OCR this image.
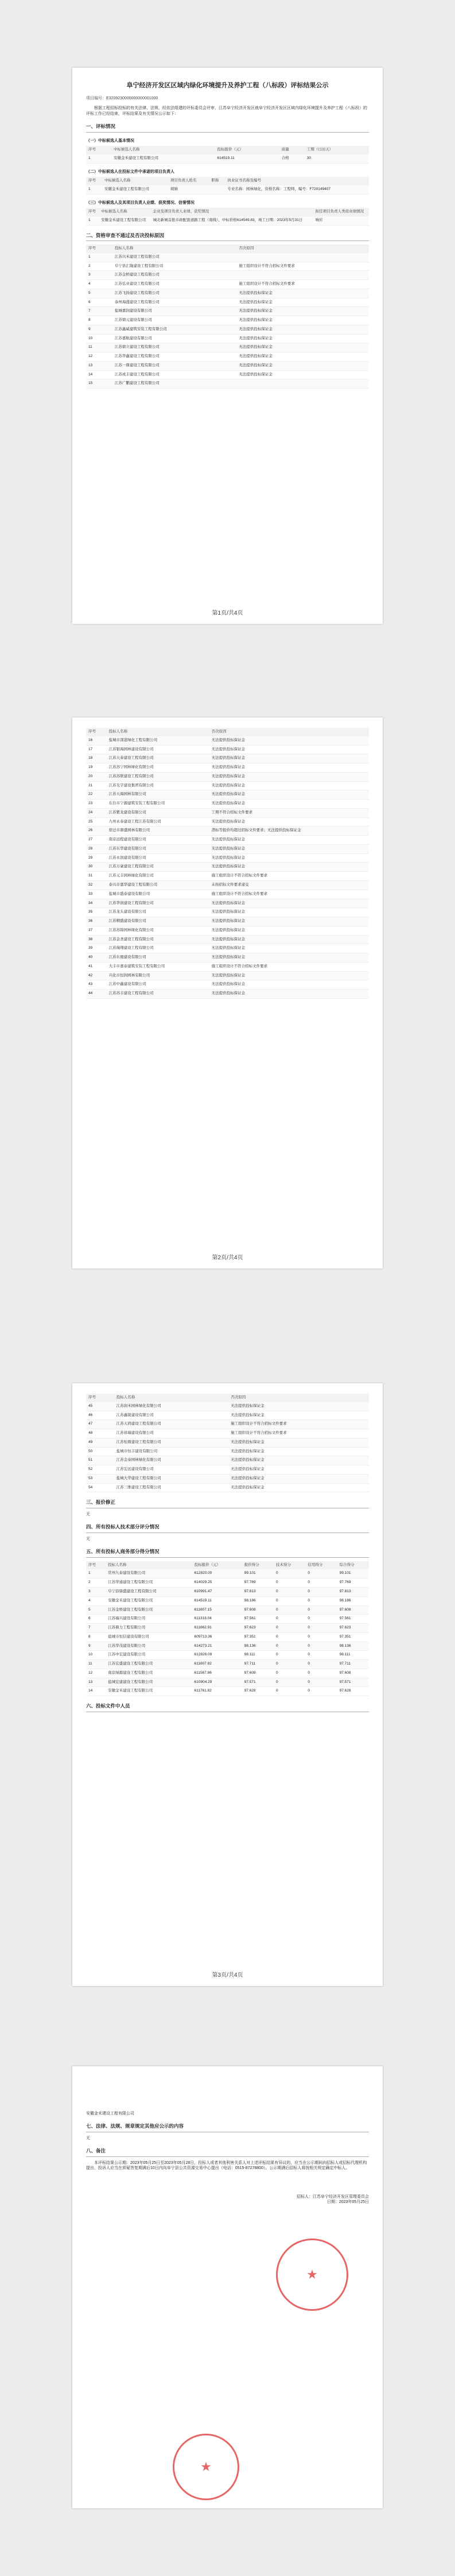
阜宁经济开发区区域内绿化环境提升及养护工程（八标段）评标结果公示
项目编号：E3209230000000000001000
根据工程招标投标的有关法律、法规，经依法组建的评标委员会评审，江苏阜宁经济开发区就阜宁经济开发区区域内绿化环境提升及养护工程（八标段）的评标工作已经结束，评标结果及有关情况公示如下：
一、评标情况
（一）中标候选人基本情况
序号	中标候选人名称	投标报价（元）	质量	工期（日历天）
1	安徽金禾建设工程有限公司	614519.11	合格	30
（二）中标候选人在投标文件中承诺的项目负责人
序号	中标候选人名称	项目负责人姓名	职称	执业证书名称及编号
1	安徽金禾建设工程有限公司	胡婧		专业名称：园林绿化，资格名称：工程师，编号：F720149407
（三）中标候选人及其项目负责人业绩、获奖情况、信誉情况
序号	中标候选人名称	企业及项目负责人业绩、获奖情况	拟任项目负责人类似业绩情况
1	安徽金禾建设工程有限公司	城北新城首批市政配套道路工程（南线）、中标价格614549.83，竣工日期：2023年5月31日	响应
二、资格审查不通过及否决投标原因
序号	投标人名称	否决原因
1	江苏兴禾建设工程有限公司	
2	阜宁县汇隆建设工程有限公司	施工组织设计不符合招标文件要求
3	江苏金桥建设工程有限公司	
4	江苏弘业建设工程有限公司	施工组织设计不符合招标文件要求
5	江苏飞扬建设工程有限公司	无法提供投标保证金
6	泰州海盛建设工程有限公司	无法提供投标保证金
7	盐城嘉润建设有限公司	无法提供投标保证金
8	江苏鼎元建设有限公司	无法提供投标保证金
9	江苏鑫威建筑安装工程有限公司	无法提供投标保证金
10	江苏嘉航建设有限公司	无法提供投标保证金
11	江苏鼎立建设工程有限公司	无法提供投标保证金
12	江苏华鑫建设工程有限公司	无法提供投标保证金
13	江苏一鼎建设工程有限公司	无法提供投标保证金
14	江苏成丰建设工程有限公司	无法提供投标保证金
15	江苏广鹏建设工程有限公司	
第1页/共4页
序号	投标人名称	否决原因
16	盐城市深港绿化工程有限公司	无法提供投标保证金
17	江苏银海园林建设有限公司	无法提供投标保证金
18	江苏天泰建设工程有限公司	无法提供投标保证金
19	江苏苏宁园林绿化有限公司	无法提供投标保证金
20	江苏苏联建设工程有限公司	无法提供投标保证金
21	江苏光宇建设集团有限公司	无法提供投标保证金
22	江苏天海园林有限公司	无法提供投标保证金
23	东台市宁源建筑安装工程有限公司	无法提供投标保证金
24	江苏紫龙建设有限公司	工期不符合招标文件要求
25	九州永泰建设工程江苏有限公司	无法提供投标保证金
26	宿迁市鼎盛园林有限公司	潜标等报价均超过招标文件要求；无法提供投标保证金
27	南京远程建设有限公司	无法提供投标保证金
28	江苏东华建设有限公司	无法提供投标保证金
29	江苏永润建设有限公司	无法提供投标保证金
30	江苏万豪建设工程有限公司	无法提供投标保证金
31	江苏元丰园林绿化有限公司	施工组织设计不符合招标文件要求
32	泰兴市嘉华建设工程有限公司	未按招标文件要求递交
33	盐城市盛泰建设有限公司	施工组织设计不符合招标文件要求
34	江苏华润建设工程有限公司	无法提供投标保证金
35	江苏龙头建设有限公司	无法提供投标保证金
36	江苏精盛建设有限公司	无法提供投标保证金
37	江苏苏锦园林绿化有限公司	无法提供投标保证金
38	江苏金圣建设工程有限公司	无法提供投标保证金
39	江苏瑞翔建设工程有限公司	无法提供投标保证金
40	江苏东晟建设有限公司	无法提供投标保证金
41	大丰市嘉泰建筑安装工程有限公司	施工组织设计不符合招标文件要求
42	兴化市恒润园林有限公司	无法提供投标保证金
43	江苏中鑫建设有限公司	无法提供投标保证金
44	江苏苏丰建设工程有限公司	无法提供投标保证金
第2页/共4页
序号	投标人名称	否决原因
45	江苏润禾园林绿化有限公司	无法提供投标保证金
46	江苏鑫锐建设有限公司	无法提供投标保证金
47	江苏天鸿建设工程有限公司	施工组织设计不符合招标文件要求
48	江苏祥瑞建设有限公司	施工组织设计不符合招标文件要求
49	江苏恒鼎建设工程有限公司	无法提供投标保证金
50	盐城市恒丰建设有限公司	无法提供投标保证金
51	江苏金泰园林绿化有限公司	无法提供投标保证金
52	江苏宏远建设有限公司	无法提供投标保证金
53	盐城大华建设工程有限公司	无法提供投标保证金
54	江苏三维建设工程有限公司	无法提供投标保证金
三、报价修正
无
四、所有投标人技术部分评分情况
无
五、所有投标人商务部分得分情况
序号	投标人名称	投标报价（元）	报价得分	技术得分	信用得分	综合得分
1	常州九泰建设有限公司	612820.00	99.101	0	0	99.101
2	江苏华通建设工程有限公司	614029.25	97.769	0	0	97.769
3	阜宁县鼎盛建设工程有限公司	610991.47	97.813	0	0	97.813
4	安徽金禾建设工程有限公司	614519.11	98.186	0	0	98.186
5	江苏金桥建设工程有限公司	611607.15	97.608	0	0	97.608
6	江苏福兴建设有限公司	611318.04	97.561	0	0	97.561
7	江苏鼎力工程有限公司	611662.91	97.623	0	0	97.623
8	盐城市恒信建设有限公司	609713.36	97.351	0	0	97.351
9	江苏华茂建设有限公司	614273.21	98.136	0	0	98.136
10	江苏中宏建设有限公司	612826.09	98.111	0	0	98.111
11	江苏宏盛建设工程有限公司	611607.82	97.711	0	0	97.711
12	南京绿源建设工程有限公司	611567.86	97.608	0	0	97.608
13	盐城宏建建设工程有限公司	610904.29	97.571	0	0	97.571
14	安徽金禾建设工程有限公司	611761.82	97.628	0	0	97.628
六、投标文件中人员
第3页/共4页
安徽金禾建设工程有限公司
七、法律、法规、规章规定其他应公示的内容
无
八、备注
本评标结果公示期：2023年05月25日至2023年05月28日，投标人或者其他利害关系人对上述评标结果有异议的，应当在公示期间向招标人或招标代理机构提出，投诉人应当在质疑答复期满后10日内向阜宁县公共资源交易中心提出（电话：0515-87278800）。公示期满后招标人将按相关规定确定中标人。
招标人：江苏阜宁经济开发区管理委员会
日期：2023年05月25日
★
★
